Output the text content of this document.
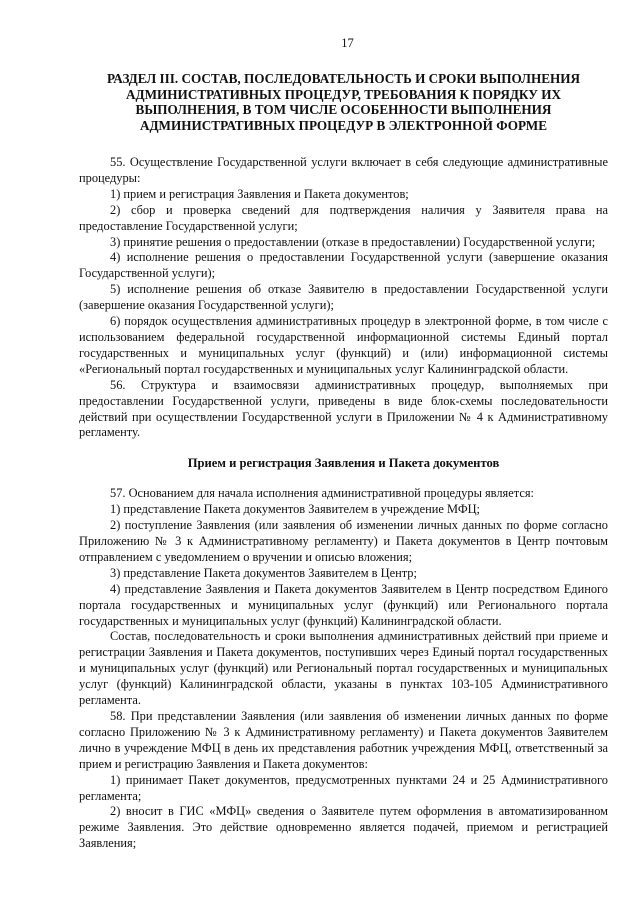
17
РАЗДЕЛ III. СОСТАВ, ПОСЛЕДОВАТЕЛЬНОСТЬ И СРОКИ ВЫПОЛНЕНИЯ
АДМИНИСТРАТИВНЫХ ПРОЦЕДУР, ТРЕБОВАНИЯ К ПОРЯДКУ ИХ
ВЫПОЛНЕНИЯ, В ТОМ ЧИСЛЕ ОСОБЕННОСТИ ВЫПОЛНЕНИЯ
АДМИНИСТРАТИВНЫХ ПРОЦЕДУР В ЭЛЕКТРОННОЙ ФОРМЕ

55. Осуществление Государственной услуги включает в себя следующие административные процедуры:

1) прием и регистрация Заявления и Пакета документов;

2) сбор и проверка сведений для подтверждения наличия у Заявителя права на предоставление Государственной услуги;

3) принятие решения о предоставлении (отказе в предоставлении) Государственной услуги;

4) исполнение решения о предоставлении Государственной услуги (завершение оказания Государственной услуги);

5) исполнение решения об отказе Заявителю в предоставлении Государственной услуги (завершение оказания Государственной услуги);

6) порядок осуществления административных процедур в электронной форме, в том числе с использованием федеральной государственной информационной системы Единый портал государственных и муниципальных услуг (функций) и (или) информационной системы «Региональный портал государственных и муниципальных услуг Калининградской области.

56. Структура и взаимосвязи административных процедур, выполняемых при предоставлении Государственной услуги, приведены в виде блок-схемы последовательности действий при осуществлении Государственной услуги в Приложении № 4 к Административному регламенту.

Прием и регистрация Заявления и Пакета документов

57. Основанием для начала исполнения административной процедуры является:

1) представление Пакета документов Заявителем в учреждение МФЦ;

2) поступление Заявления (или заявления об изменении личных данных по форме согласно Приложению № 3 к Административному регламенту) и Пакета документов в Центр почтовым отправлением с уведомлением о вручении и описью вложения;

3) представление Пакета документов Заявителем в Центр;

4) представление Заявления и Пакета документов Заявителем в Центр посредством Единого портала государственных и муниципальных услуг (функций) или Регионального портала государственных и муниципальных услуг (функций) Калининградской области.

Состав, последовательность и сроки выполнения административных действий при приеме и регистрации Заявления и Пакета документов, поступивших через Единый портал государственных и муниципальных услуг (функций) или Региональный портал государственных и муниципальных услуг (функций) Калининградской области, указаны в пунктах 103-105 Административного регламента.

58. При представлении Заявления (или заявления об изменении личных данных по форме согласно Приложению № 3 к Административному регламенту) и Пакета документов Заявителем лично в учреждение МФЦ в день их представления работник учреждения МФЦ, ответственный за прием и регистрацию Заявления и Пакета документов:

1) принимает Пакет документов, предусмотренных пунктами 24 и 25 Административного регламента;

2) вносит в ГИС «МФЦ» сведения о Заявителе путем оформления в автоматизированном режиме Заявления. Это действие одновременно является подачей, приемом и регистрацией Заявления;
